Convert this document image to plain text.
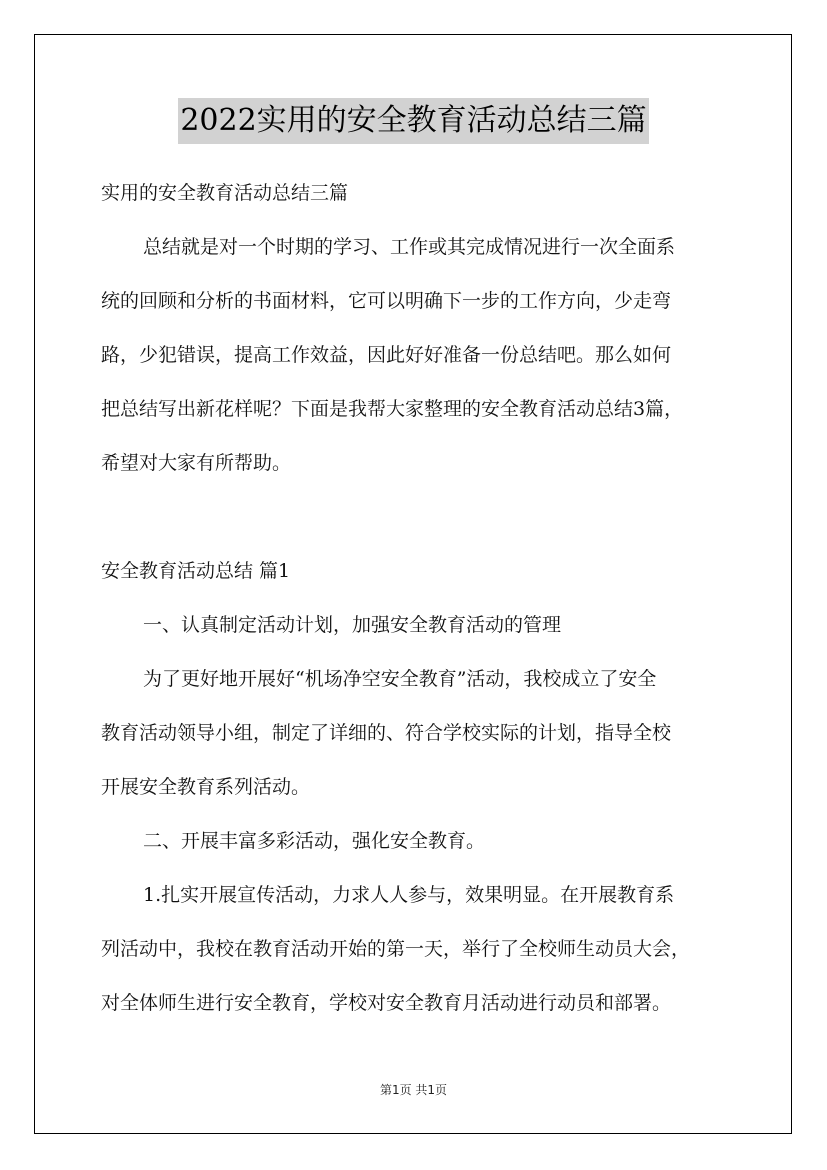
2022实用的安全教育活动总结三篇
实用的安全教育活动总结三篇
总结就是对一个时期的学习、工作或其完成情况进行一次全面系
统的回顾和分析的书面材料，它可以明确下一步的工作方向，少走弯
路，少犯错误，提高工作效益，因此好好准备一份总结吧。那么如何
把总结写出新花样呢？下面是我帮大家整理的安全教育活动总结3篇，
希望对大家有所帮助。
安全教育活动总结 篇1
一、认真制定活动计划，加强安全教育活动的管理
为了更好地开展好“机场净空安全教育”活动，我校成立了安全
教育活动领导小组，制定了详细的、符合学校实际的计划，指导全校
开展安全教育系列活动。
二、开展丰富多彩活动，强化安全教育。
1.扎实开展宣传活动，力求人人参与，效果明显。在开展教育系
列活动中，我校在教育活动开始的第一天，举行了全校师生动员大会，
对全体师生进行安全教育，学校对安全教育月活动进行动员和部署。
第1页 共1页
